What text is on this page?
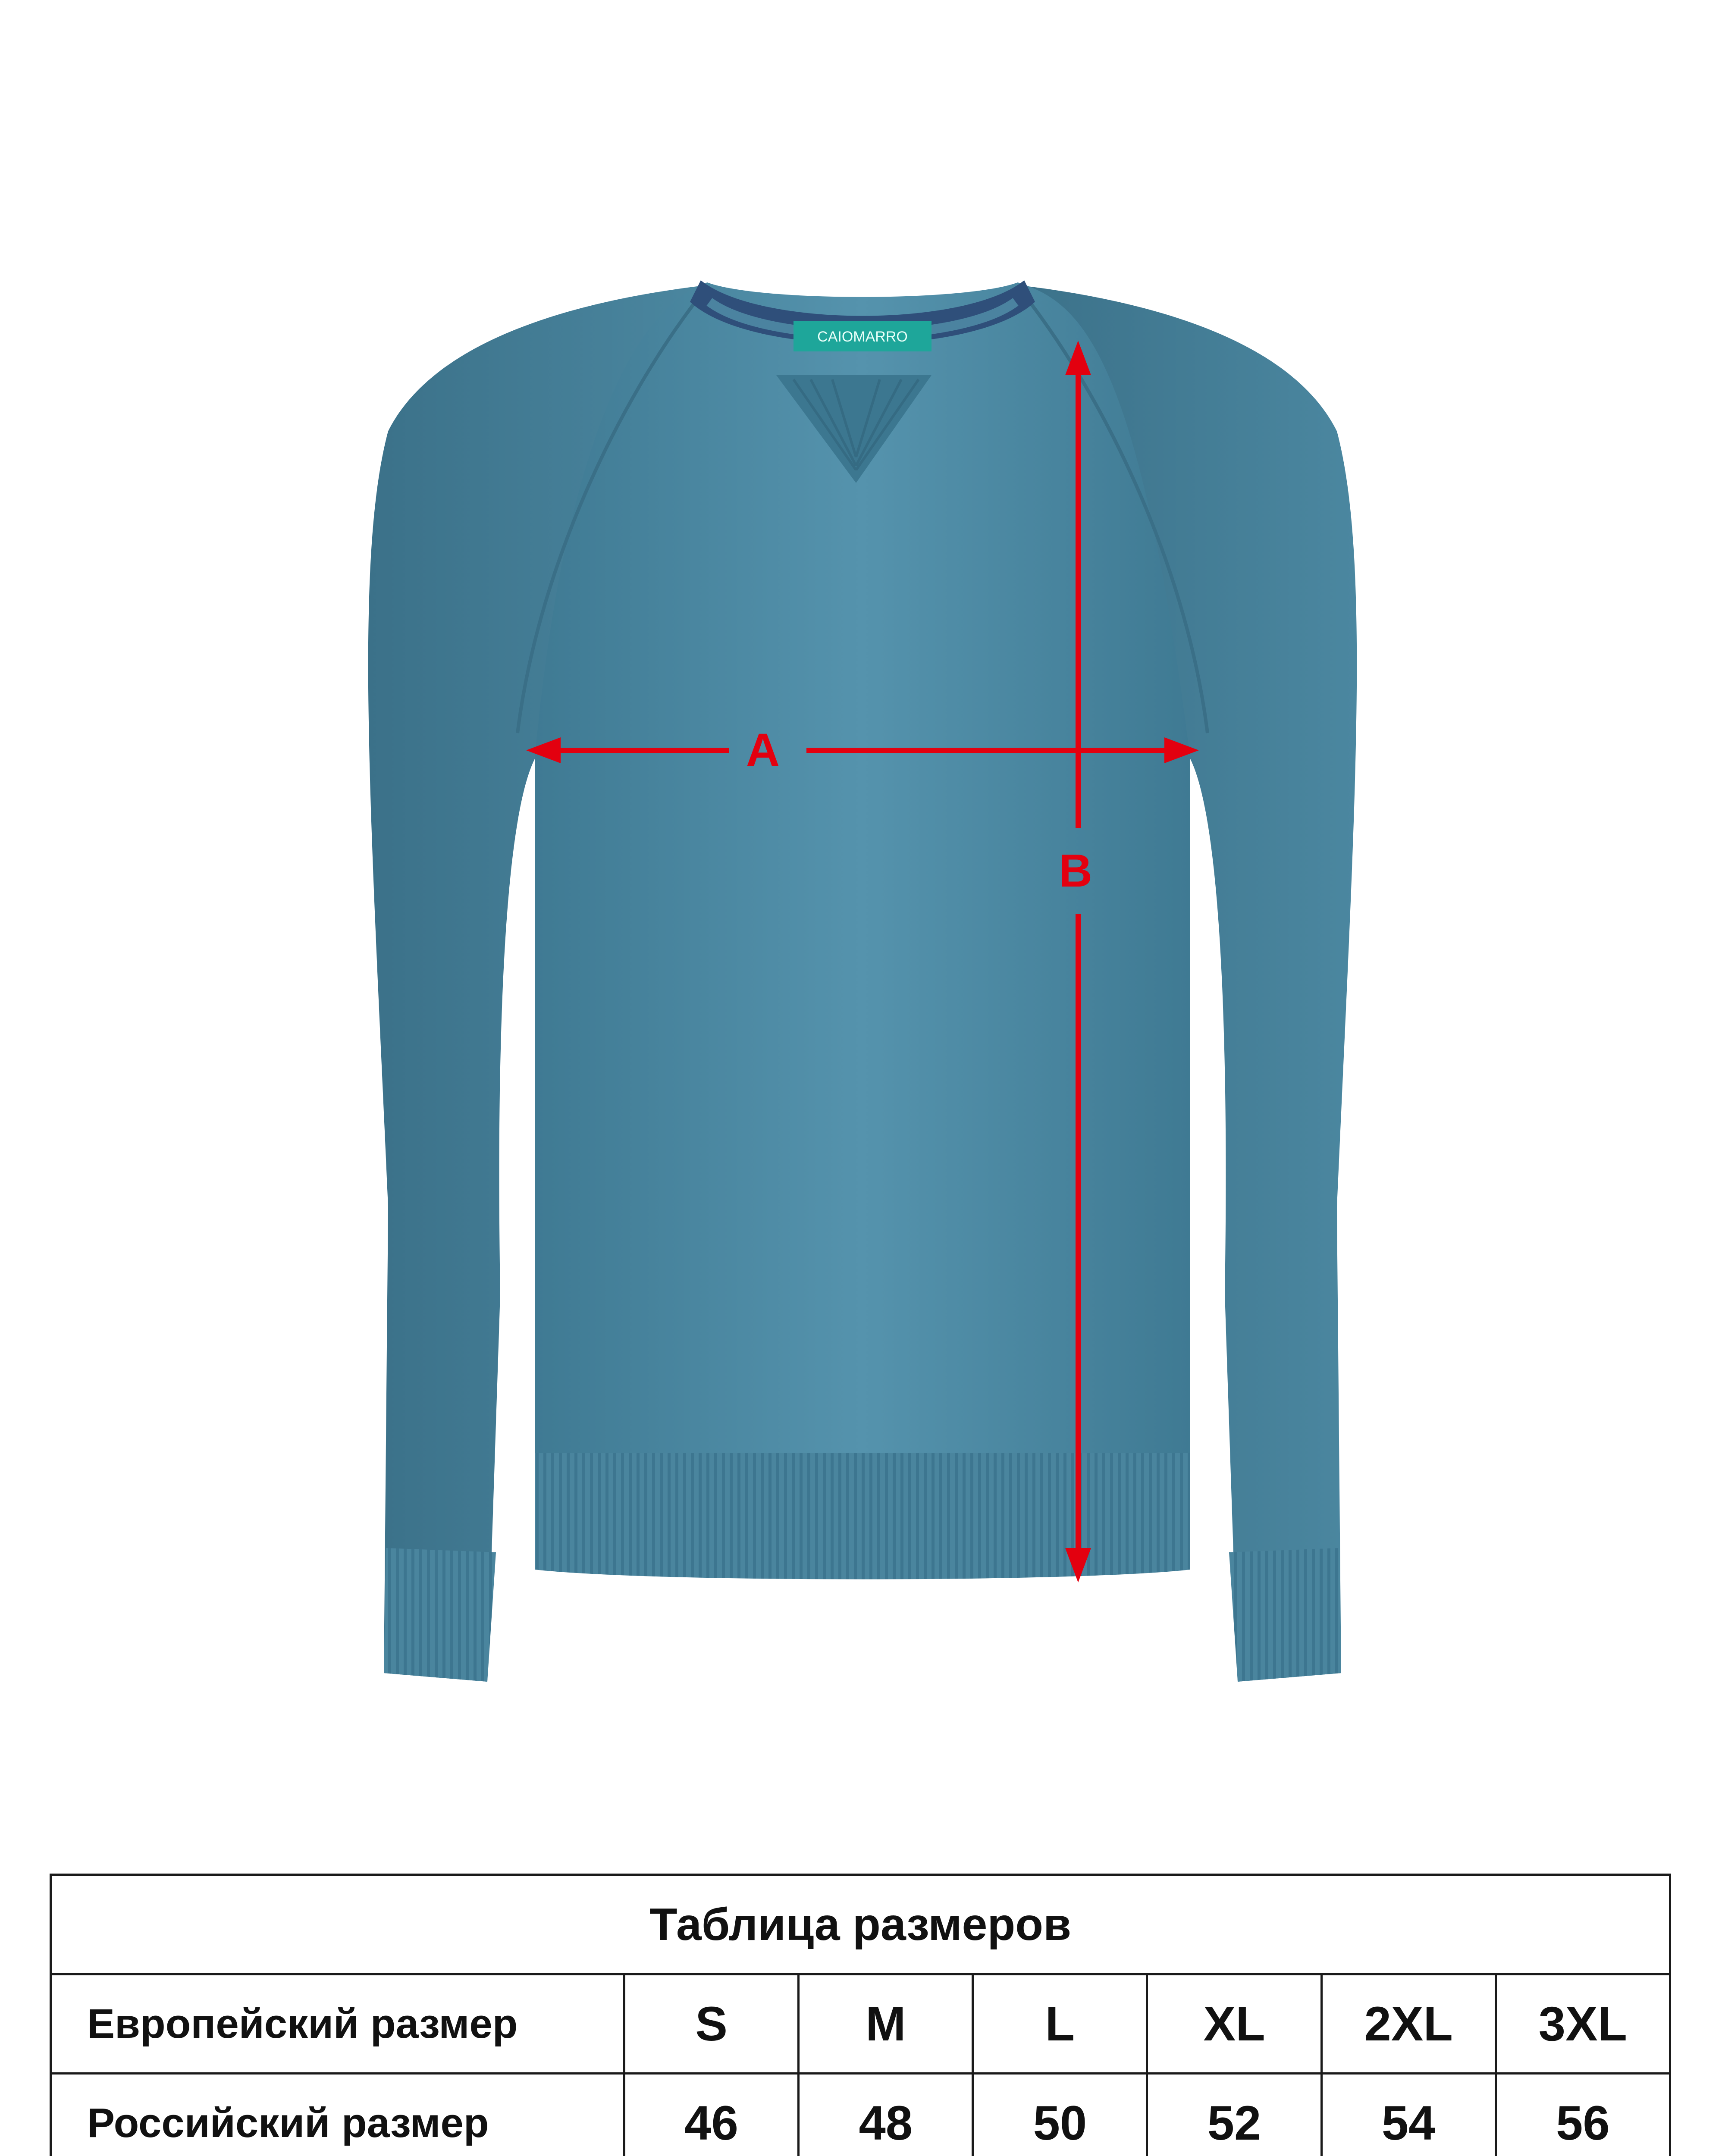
CAIOMARRO
A
B
Таблица размеров						
Европейский размер	S	M	L	XL	2XL	3XL
Российский размер	46	48	50	52	54	56
